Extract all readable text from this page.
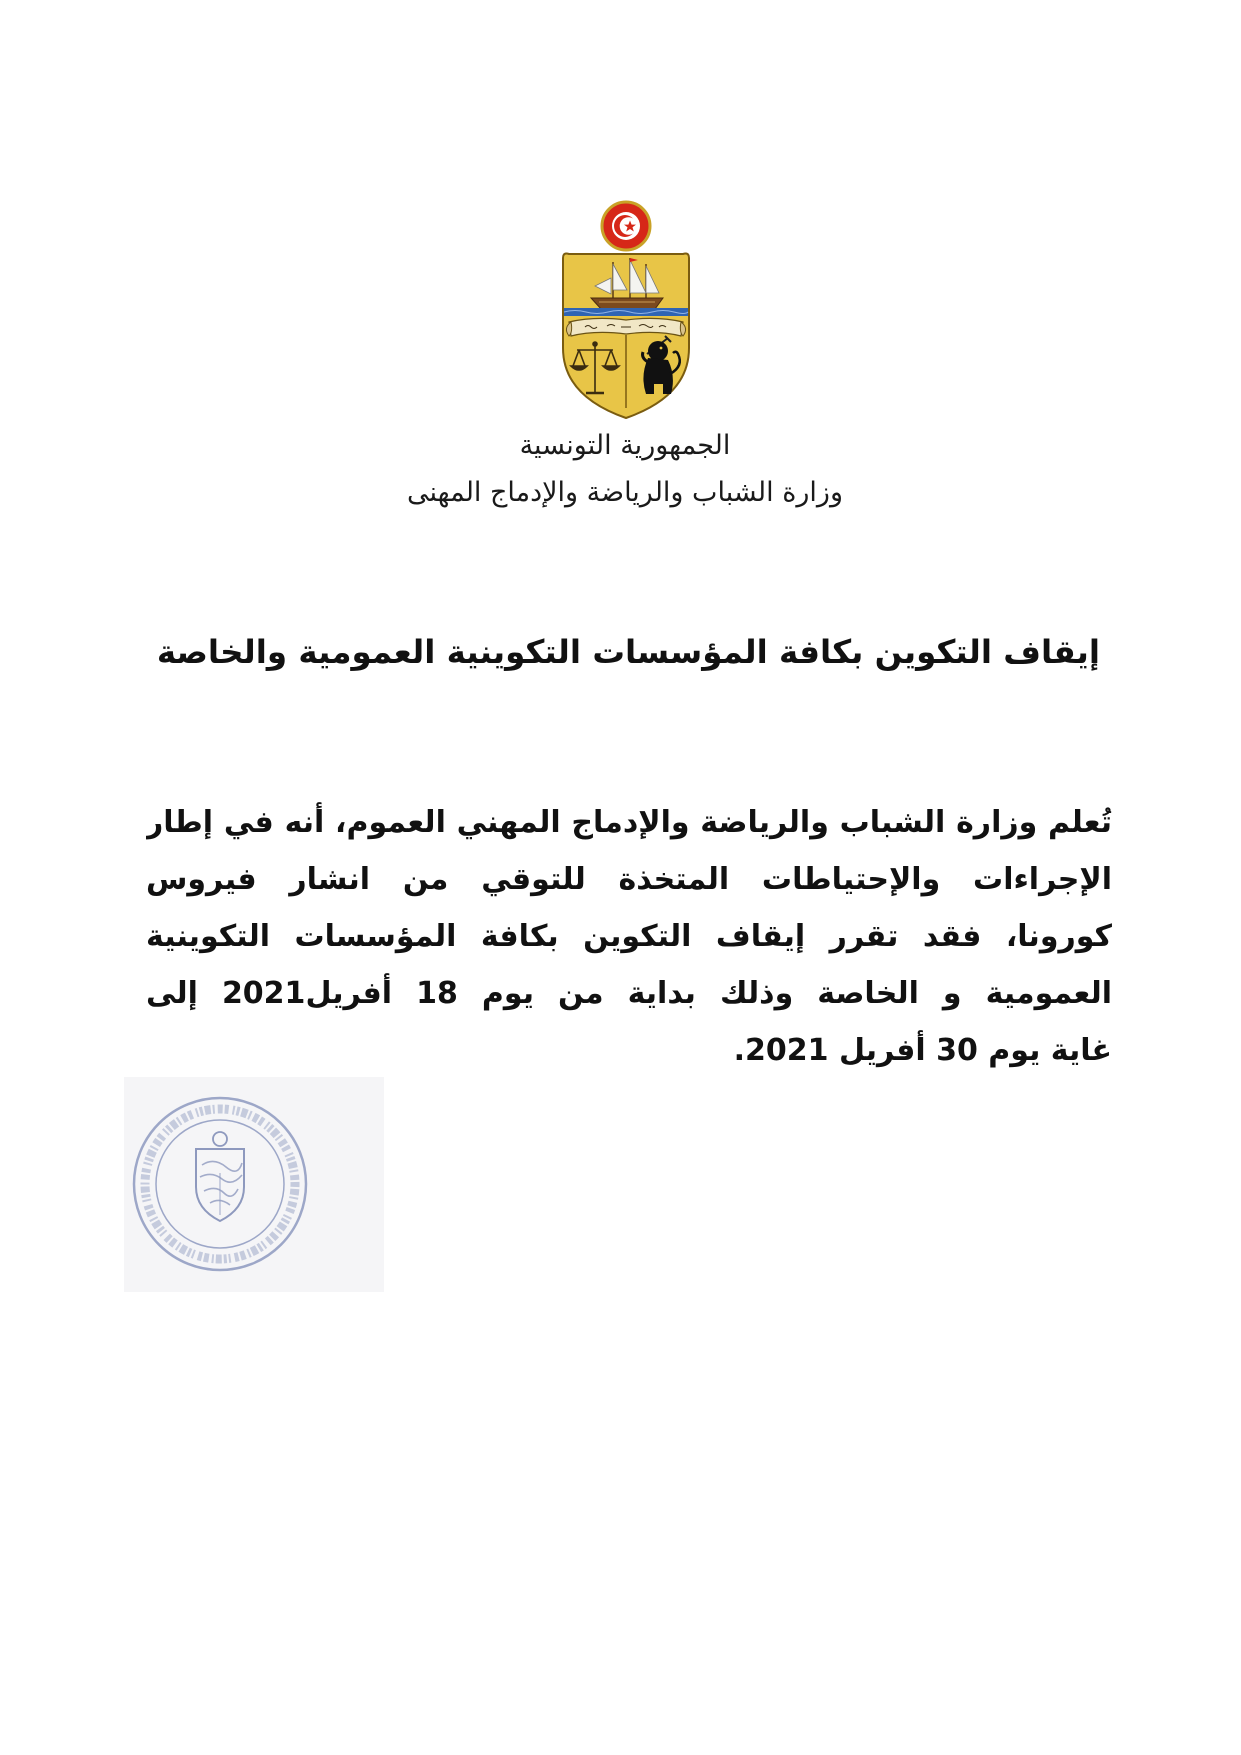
الجمهورية التونسية
وزارة الشباب والرياضة والإدماج المهنى
إيقاف التكوين بكافة المؤسسات التكوينية العمومية والخاصة
تُعلم وزارة الشباب والرياضة والإدماج المهني العموم، أنه في إطار
الإجراءات والإحتياطات المتخذة للتوقي من انشار فيروس
كورونا، فقد تقرر إيقاف التكوين بكافة المؤسسات التكوينية
العمومية و الخاصة وذلك بداية من يوم 18 أفريل2021 إلى
غاية يوم 30 أفريل 2021.
